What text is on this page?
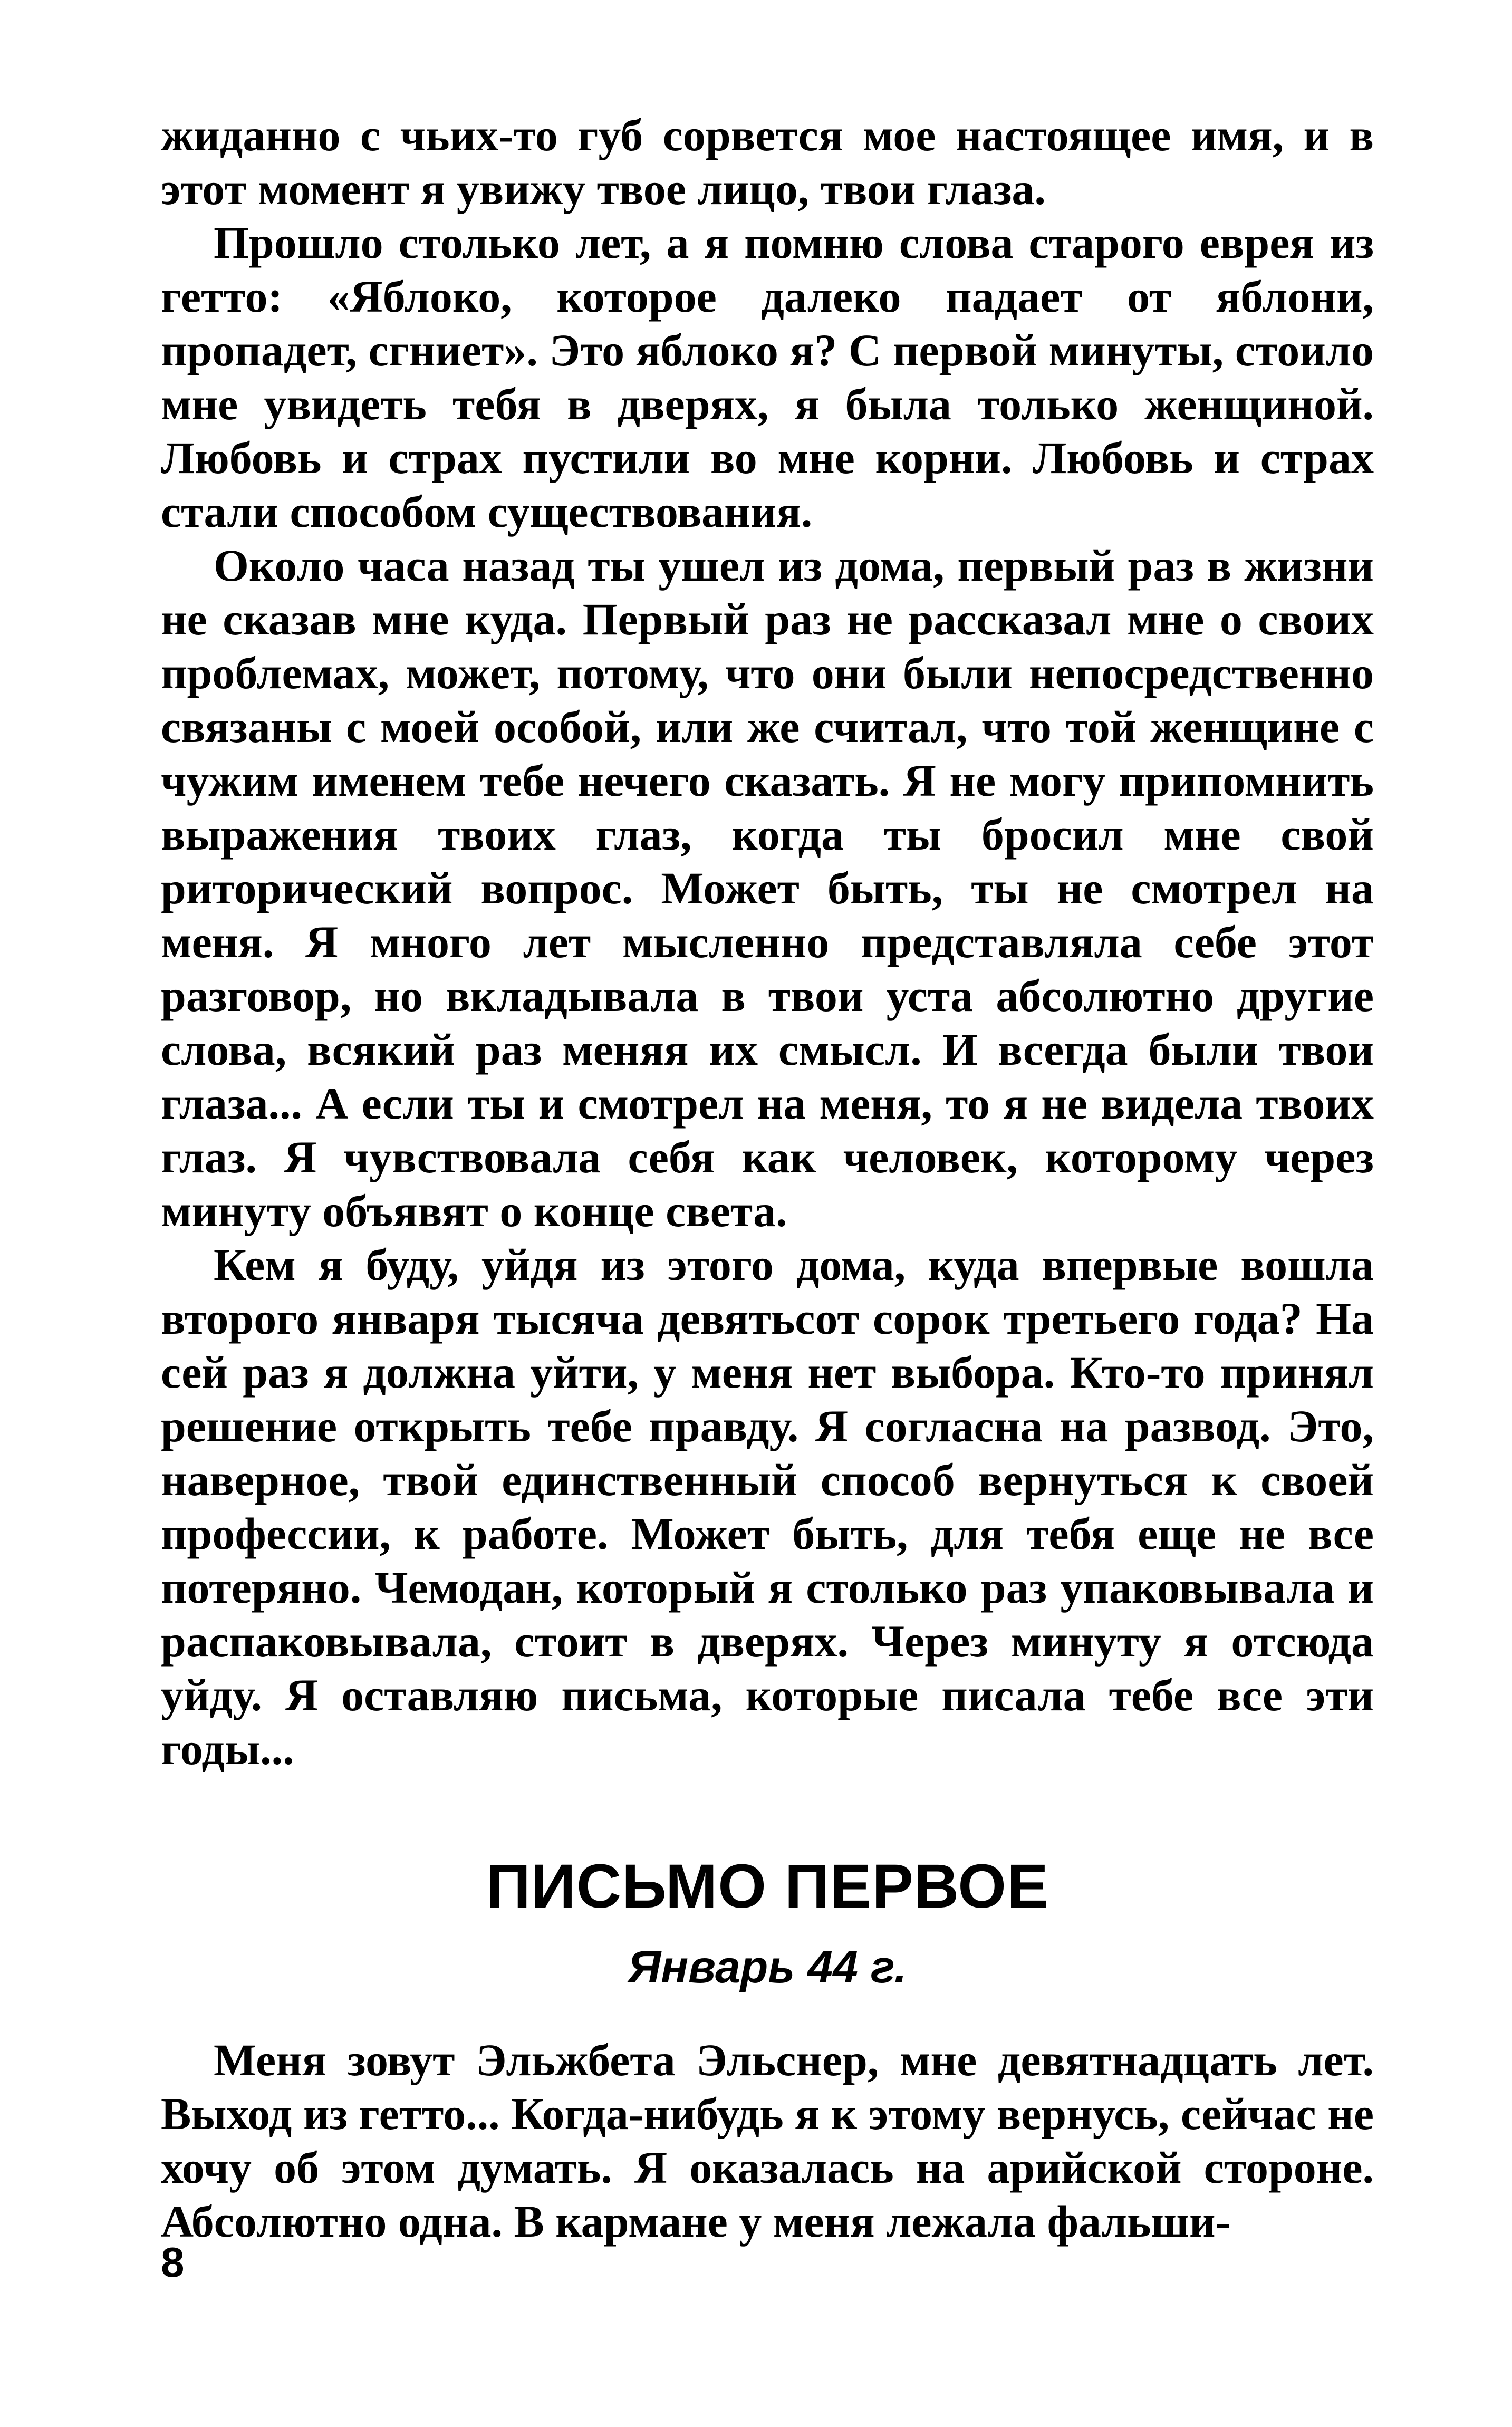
жиданно с чьих-то губ сорвется мое настоящее имя, и в этот момент я увижу твое лицо, твои глаза.

Прошло столько лет, а я помню слова старого еврея из гетто: «Яблоко, которое далеко падает от яблони, пропадет, сгниет». Это яблоко я? С первой минуты, стоило мне увидеть тебя в дверях, я была только женщиной. Любовь и страх пустили во мне корни. Любовь и страх стали способом существования.

Около часа назад ты ушел из дома, первый раз в жизни не сказав мне куда. Первый раз не рассказал мне о своих проблемах, может, потому, что они были непосредственно связаны с моей особой, или же считал, что той женщине с чужим именем тебе нечего сказать. Я не могу припомнить выражения твоих глаз, когда ты бросил мне свой риторический вопрос. Может быть, ты не смотрел на меня. Я много лет мысленно представляла себе этот разговор, но вкладывала в твои уста абсолютно другие слова, всякий раз меняя их смысл. И всегда были твои глаза... А если ты и смотрел на меня, то я не видела твоих глаз. Я чувствовала себя как человек, которому через минуту объявят о конце света.

Кем я буду, уйдя из этого дома, куда впервые вошла второго января тысяча девятьсот сорок третьего года? На сей раз я должна уйти, у меня нет выбора. Кто-то принял решение открыть тебе правду. Я согласна на развод. Это, наверное, твой единственный способ вернуться к своей профессии, к работе. Может быть, для тебя еще не все потеряно. Чемодан, который я столько раз упаковывала и распаковывала, стоит в дверях. Через минуту я отсюда уйду. Я оставляю письма, которые писала тебе все эти годы...

ПИСЬМО ПЕРВОЕ
Январь 44 г.

Меня зовут Эльжбета Эльснер, мне девятнадцать лет. Выход из гетто... Когда-нибудь я к этому вернусь, сейчас не хочу об этом думать. Я оказалась на арийской стороне. Абсолютно одна. В кармане у меня лежала фальши-

8
